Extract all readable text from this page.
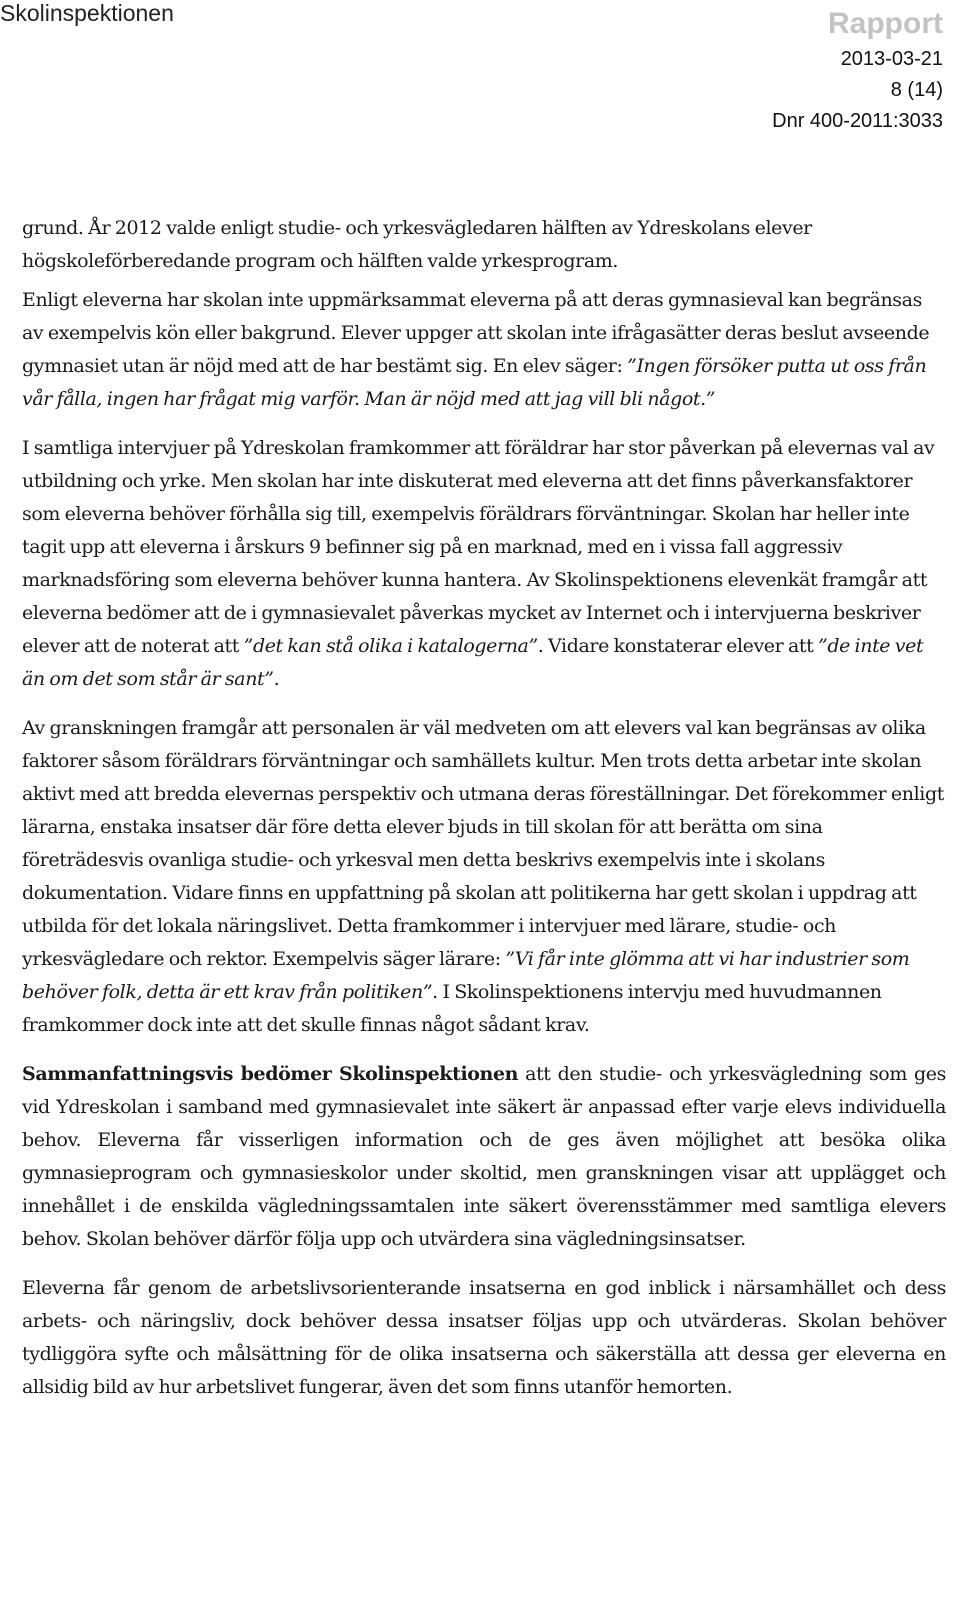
Skolinspektionen	Rapport
2013-03-21
8 (14)
Dnr 400-2011:3033

grund. År 2012 valde enligt studie- och yrkesvägledaren hälften av Ydreskolans elever högskoleförberedande program och hälften valde yrkesprogram.

Enligt eleverna har skolan inte uppmärksammat eleverna på att deras gymnasieval kan begränsas av exempelvis kön eller bakgrund. Elever uppger att skolan inte ifrågasätter deras beslut avseende gymnasiet utan är nöjd med att de har bestämt sig. En elev säger: ”Ingen försöker putta ut oss från vår fålla, ingen har frågat mig varför. Man är nöjd med att jag vill bli något.”

I samtliga intervjuer på Ydreskolan framkommer att föräldrar har stor påverkan på elevernas val av utbildning och yrke. Men skolan har inte diskuterat med eleverna att det finns påverkansfaktorer som eleverna behöver förhålla sig till, exempelvis föräldrars förväntningar. Skolan har heller inte tagit upp att eleverna i årskurs 9 befinner sig på en marknad, med en i vissa fall aggressiv marknadsföring som eleverna behöver kunna hantera. Av Skolinspektionens elevenkät framgår att eleverna bedömer att de i gymnasievalet påverkas mycket av Internet och i intervjuerna beskriver elever att de noterat att ”det kan stå olika i katalogerna”. Vidare konstaterar elever att ”de inte vet än om det som står är sant”.

Av granskningen framgår att personalen är väl medveten om att elevers val kan begränsas av olika faktorer såsom föräldrars förväntningar och samhällets kultur. Men trots detta arbetar inte skolan aktivt med att bredda elevernas perspektiv och utmana deras föreställningar. Det förekommer enligt lärarna, enstaka insatser där före detta elever bjuds in till skolan för att berätta om sina företrädesvis ovanliga studie- och yrkesval men detta beskrivs exempelvis inte i skolans dokumentation. Vidare finns en uppfattning på skolan att politikerna har gett skolan i uppdrag att utbilda för det lokala näringslivet. Detta framkommer i intervjuer med lärare, studie- och yrkesvägledare och rektor. Exempelvis säger lärare: ”Vi får inte glömma att vi har industrier som behöver folk, detta är ett krav från politiken”. I Skolinspektionens intervju med huvudmannen framkommer dock inte att det skulle finnas något sådant krav.

Sammanfattningsvis bedömer Skolinspektionen att den studie- och yrkesvägledning som ges vid Ydreskolan i samband med gymnasievalet inte säkert är anpassad efter varje elevs individuella behov. Eleverna får visserligen information och de ges även möjlighet att besöka olika gymnasieprogram och gymnasieskolor under skoltid, men granskningen visar att upplägget och innehållet i de enskilda vägledningssamtalen inte säkert överensstämmer med samtliga elevers behov. Skolan behöver därför följa upp och utvärdera sina vägledningsinsatser.

Eleverna får genom de arbetslivsorienterande insatserna en god inblick i närsamhället och dess arbets- och näringsliv, dock behöver dessa insatser följas upp och utvärderas. Skolan behöver tydliggöra syfte och målsättning för de olika insatserna och säkerställa att dessa ger eleverna en allsidig bild av hur arbetslivet fungerar, även det som finns utanför hemorten.
